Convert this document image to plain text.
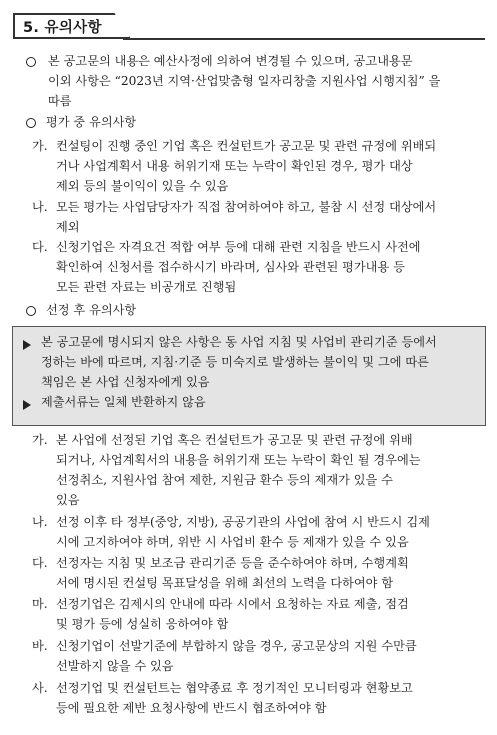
5. 유의사항
본 공고문의 내용은 예산사정에 의하여 변경될 수 있으며, 공고내용문
이외 사항은 “2023년 지역·산업맞춤형 일자리창출 지원사업 시행지침” 을
따름
평가 중 유의사항
가. 컨설팅이 진행 중인 기업 혹은 컨설턴트가 공고문 및 관련 규정에 위배되
거나 사업계획서 내용 허위기재 또는 누락이 확인된 경우, 평가 대상
제외 등의 불이익이 있을 수 있음
나. 모든 평가는 사업담당자가 직접 참여하여야 하고, 불참 시 선정 대상에서
제외
다. 신청기업은 자격요건 적합 여부 등에 대해 관련 지침을 반드시 사전에
확인하여 신청서를 접수하시기 바라며, 심사와 관련된 평가내용 등
모든 관련 자료는 비공개로 진행됨
선정 후 유의사항
본 공고문에 명시되지 않은 사항은 동 사업 지침 및 사업비 관리기준 등에서
정하는 바에 따르며, 지침·기준 등 미숙지로 발생하는 불이익 및 그에 따른
책임은 본 사업 신청자에게 있음
제출서류는 일체 반환하지 않음
가. 본 사업에 선정된 기업 혹은 컨설턴트가 공고문 및 관련 규정에 위배
되거나, 사업계획서의 내용을 허위기재 또는 누락이 확인 될 경우에는
선정취소, 지원사업 참여 제한, 지원금 환수 등의 제재가 있을 수
있음
나. 선정 이후 타 정부(중앙, 지방), 공공기관의 사업에 참여 시 반드시 김제
시에 고지하여야 하며, 위반 시 사업비 환수 등 제재가 있을 수 있음
다. 선정자는 지침 및 보조금 관리기준 등을 준수하여야 하며, 수행계획
서에 명시된 컨설팅 목표달성을 위해 최선의 노력을 다하여야 함
마. 선정기업은 김제시의 안내에 따라 시에서 요청하는 자료 제출, 점검
및 평가 등에 성실히 응하여야 함
바. 신청기업이 선발기준에 부합하지 않을 경우, 공고문상의 지원 수만큼
선발하지 않을 수 있음
사. 선정기업 및 컨설턴트는 협약종료 후 정기적인 모니터링과 현황보고
등에 필요한 제반 요청사항에 반드시 협조하여야 함
